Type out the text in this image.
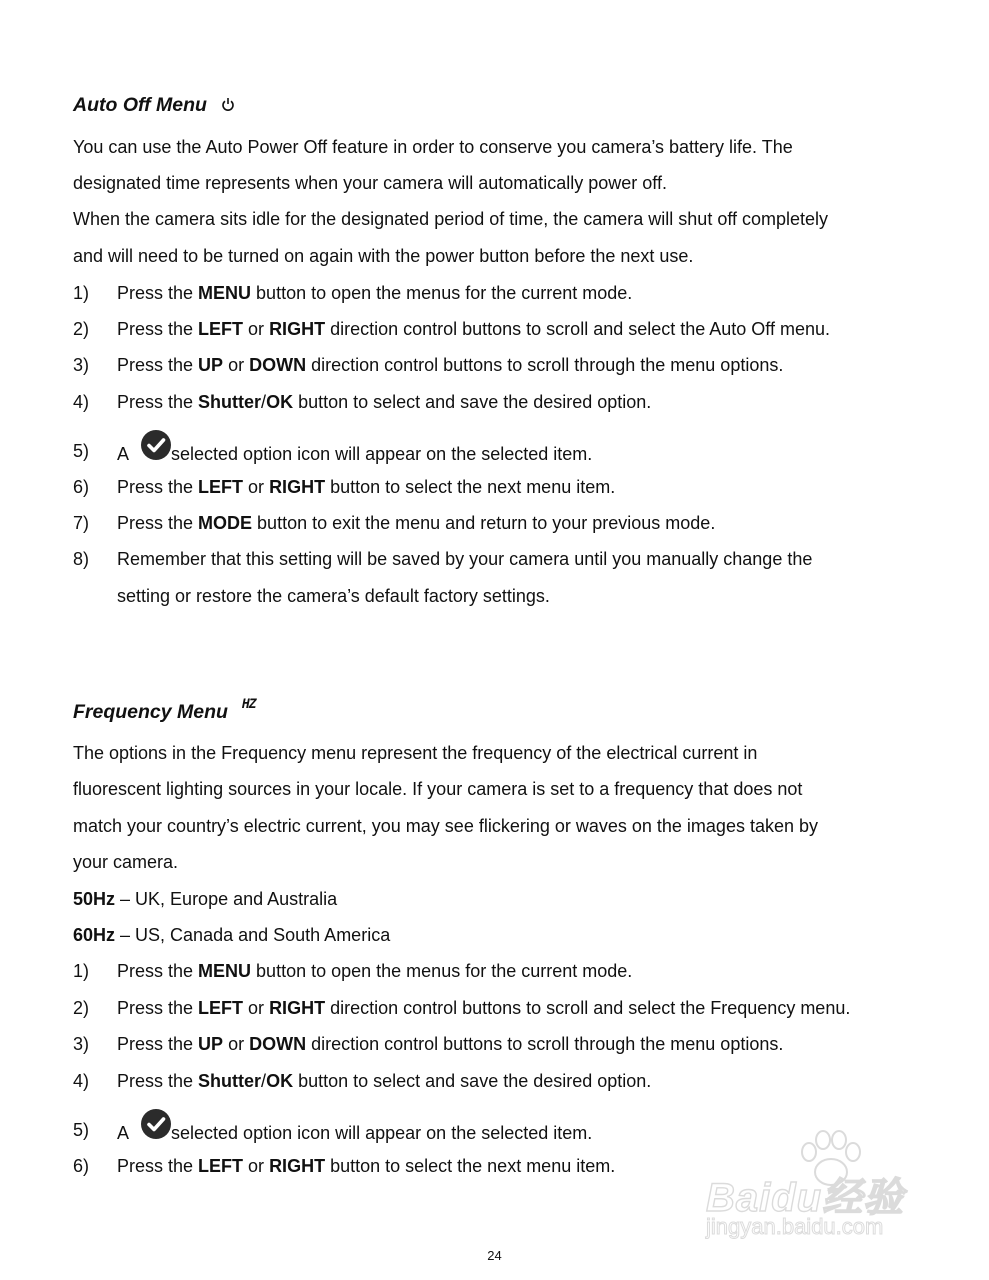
Auto Off Menu
You can use the Auto Power Off feature in order to conserve you camera’s battery life. The
designated time represents when your camera will automatically power off.
When the camera sits idle for the designated period of time, the camera will shut off completely
and will need to be turned on again with the power button before the next use.
1) Press the MENU button to open the menus for the current mode.
2) Press the LEFT or RIGHT direction control buttons to scroll and select the Auto Off menu.
3) Press the UP or DOWN direction control buttons to scroll through the menu options.
4) Press the Shutter/OK button to select and save the desired option.
5) A selected option icon will appear on the selected item.
6) Press the LEFT or RIGHT button to select the next menu item.
7) Press the MODE button to exit the menu and return to your previous mode.
8) Remember that this setting will be saved by your camera until you manually change the
setting or restore the camera’s default factory settings.
Frequency Menu HZ
The options in the Frequency menu represent the frequency of the electrical current in
fluorescent lighting sources in your locale. If your camera is set to a frequency that does not
match your country’s electric current, you may see flickering or waves on the images taken by
your camera.
50Hz – UK, Europe and Australia
60Hz – US, Canada and South America
1) Press the MENU button to open the menus for the current mode.
2) Press the LEFT or RIGHT direction control buttons to scroll and select the Frequency menu.
3) Press the UP or DOWN direction control buttons to scroll through the menu options.
4) Press the Shutter/OK button to select and save the desired option.
5) A selected option icon will appear on the selected item.
6) Press the LEFT or RIGHT button to select the next menu item.
Baidu经验
jingyan.baidu.com
24
